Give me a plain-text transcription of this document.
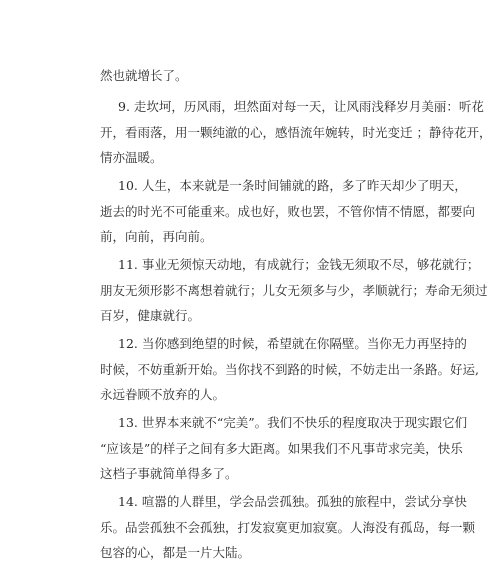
然也就增长了。
9. 走坎坷，历风雨，坦然面对每一天，让风雨浅释岁月美丽：听花
开，看雨落，用一颗纯澈的心，感悟流年婉转，时光变迁 ；静待花开，
情亦温暖。
10. 人生，本来就是一条时间铺就的路，多了昨天却少了明天，
逝去的时光不可能重来。成也好，败也罢，不管你情不情愿，都要向
前，向前，再向前。
11. 事业无须惊天动地，有成就行；金钱无须取不尽，够花就行；
朋友无须形影不离想着就行；儿女无须多与少，孝顺就行；寿命无须过
百岁，健康就行。
12. 当你感到绝望的时候，希望就在你隔壁。当你无力再坚持的
时候，不妨重新开始。当你找不到路的时候，不妨走出一条路。好运,
永远眷顾不放弃的人。
13. 世界本来就不“完美”。我们不快乐的程度取决于现实跟它们
“应该是”的样子之间有多大距离。如果我们不凡事苛求完美，快乐
这档子事就简单得多了。
14. 喧嚣的人群里，学会品尝孤独。孤独的旅程中，尝试分享快
乐。品尝孤独不会孤独，打发寂寞更加寂寞。人海没有孤岛，每一颗
包容的心，都是一片大陆。
